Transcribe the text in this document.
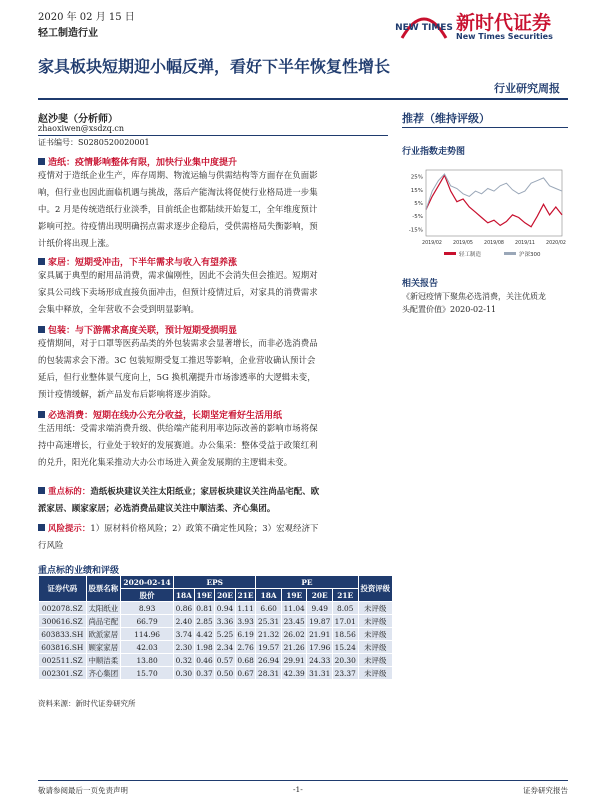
2020 年 02 月 15 日
轻工制造行业	NEW TIMES 新时代证券
New Times Securities
家具板块短期迎小幅反弹，看好下半年恢复性增长
行业研究周报
赵沙斐（分析师）
zhaoxiwen@xsdzq.cn
证书编号：S0280520020001
造纸：疫情影响整体有限，加快行业集中度提升
疫情对于造纸企业生产，库存周期、物流运输与供需结构等方面存在负面影
响，但行业也因此面临机遇与挑战，落后产能淘汰将促使行业格局进一步集
中。2 月是传统造纸行业淡季，目前纸企也都陆续开始复工，全年维度预计
影响可控。待疫情出现明确拐点需求逐步企稳后，受供需格局失衡影响，预
计纸价将出现上涨。
家居：短期受冲击，下半年需求与收入有望养涨
家具属于典型的耐用品消费，需求偏刚性，因此不会消失但会推迟。短期对
家具公司线下卖场形成直接负面冲击，但预计疫情过后，对家具的消费需求
会集中释放，全年营收不会受到明显影响。
包装：与下游需求高度关联，预计短期受损明显
疫情期间，对于口罩等医药品类的外包装需求会显著增长，而非必选消费品
的包装需求会下滑。3C 包装短期受复工推迟等影响，企业营收确认预计会
延后，但行业整体景气度向上，5G 换机潮提升市场渗透率的大逻辑未变，
预计疫情缓解，新产品发布后影响将逐步消除。
必选消费：短期在线办公充分收益，长期坚定看好生活用纸
生活用纸：受需求端消费升级、供给端产能利用率边际改善的影响市场将保
持中高速增长，行业处于较好的发展赛道。办公集采：整体受益于政策红利
的兑升，阳光化集采推动大办公市场进入黄金发展期的主逻辑未变。
重点标的：造纸板块建议关注太阳纸业；家居板块建议关注尚品宅配、欧
派家居、顾家家居；必选消费品建议关注中顺洁柔、齐心集团。
风险提示：1）原材料价格风险；2）政策不确定性风险；3）宏观经济下
行风险
推荐（维持评级）
行业指数走势图
25%
15%
5%
-5%
-15%
2019/02 2019/05 2019/08 2019/11 2020/02
轻工制造	沪深300
相关报告
《新冠疫情下聚焦必选消费，关注优质龙
头配置价值》2020-02-11
重点标的业绩和评级
证券代码	股票名称	2020-02-14	EPS				PE				投资评级
		股价	18A	19E	20E	21E	18A	19E	20E	21E	
002078.SZ	太阳纸业	8.93	0.86	0.81	0.94	1.11	6.60	11.04	9.49	8.05	未评级
300616.SZ	尚品宅配	66.79	2.40	2.85	3.36	3.93	25.31	23.45	19.87	17.01	未评级
603833.SH	欧派家居	114.96	3.74	4.42	5.25	6.19	21.32	26.02	21.91	18.56	未评级
603816.SH	顾家家居	42.03	2.30	1.98	2.34	2.76	19.57	21.26	17.96	15.24	未评级
002511.SZ	中顺洁柔	13.80	0.32	0.46	0.57	0.68	26.94	29.91	24.33	20.30	未评级
002301.SZ	齐心集团	15.70	0.30	0.37	0.50	0.67	28.31	42.39	31.31	23.37	未评级
资料来源：新时代证券研究所
敬请参阅最后一页免责声明	-1-	证券研究报告
